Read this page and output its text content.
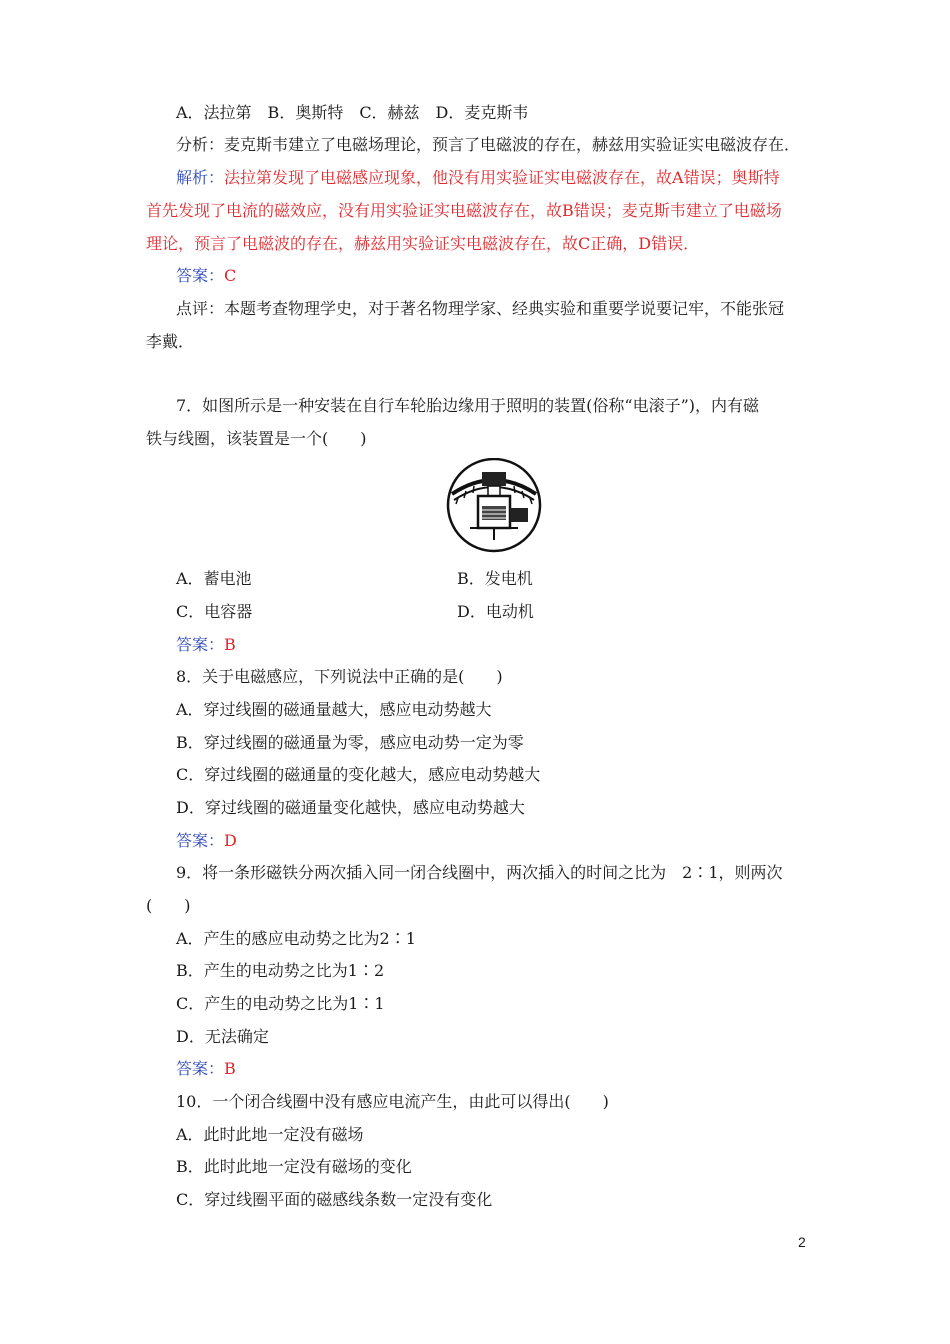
A．法拉第　B．奥斯特　C．赫兹　D．麦克斯韦
分析：麦克斯韦建立了电磁场理论，预言了电磁波的存在，赫兹用实验证实电磁波存在．
解析：法拉第发现了电磁感应现象，他没有用实验证实电磁波存在，故A错误；奥斯特
首先发现了电流的磁效应，没有用实验证实电磁波存在，故B错误；麦克斯韦建立了电磁场
理论，预言了电磁波的存在，赫兹用实验证实电磁波存在，故C正确，D错误．
答案：C
点评：本题考查物理学史，对于著名物理学家、经典实验和重要学说要记牢，不能张冠
李戴．
7．如图所示是一种安装在自行车轮胎边缘用于照明的装置(俗称“电滚子”)，内有磁
铁与线圈，该装置是一个(　　)
A．蓄电池	B．发电机
C．电容器	D．电动机
答案：B
8．关于电磁感应，下列说法中正确的是(　　)
A．穿过线圈的磁通量越大，感应电动势越大
B．穿过线圈的磁通量为零，感应电动势一定为零
C．穿过线圈的磁通量的变化越大，感应电动势越大
D．穿过线圈的磁通量变化越快，感应电动势越大
答案：D
9．将一条形磁铁分两次插入同一闭合线圈中，两次插入的时间之比为　2∶1，则两次
(　　)
A．产生的感应电动势之比为2∶1
B．产生的电动势之比为1∶2
C．产生的电动势之比为1∶1
D．无法确定
答案：B
10．一个闭合线圈中没有感应电流产生，由此可以得出(　　)
A．此时此地一定没有磁场
B．此时此地一定没有磁场的变化
C．穿过线圈平面的磁感线条数一定没有变化
2
